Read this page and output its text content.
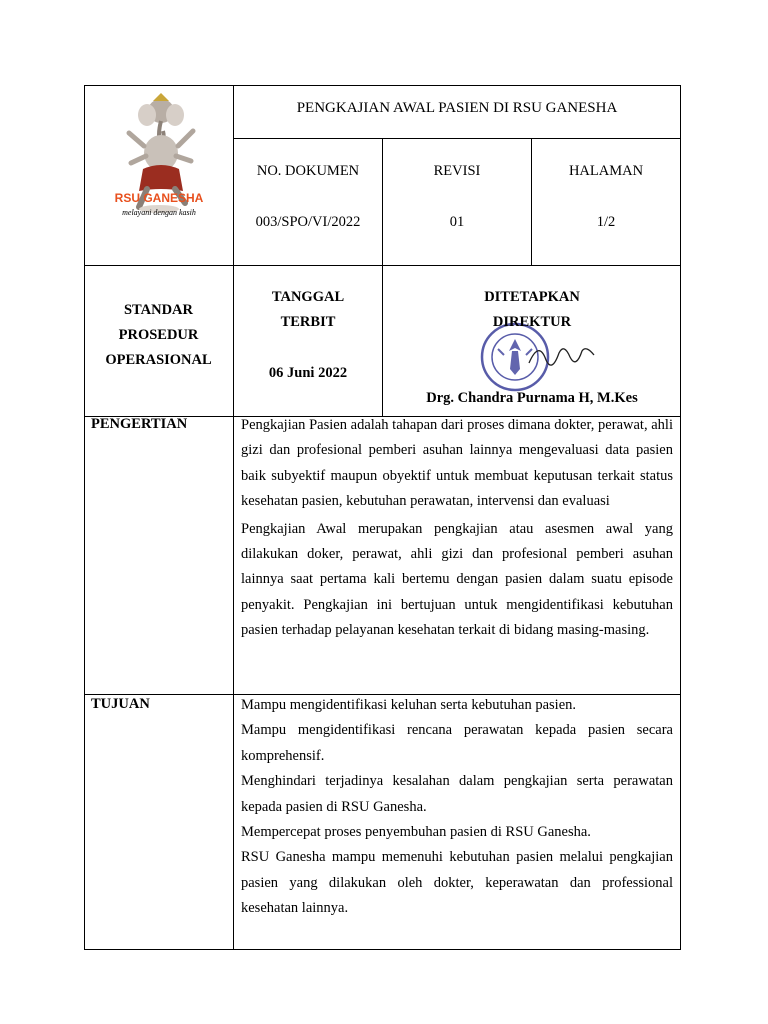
RSU GANESHA
melayani dengan kasih
PENGKAJIAN AWAL PASIEN DI RSU GANESHA
NO. DOKUMEN
003/SPO/VI/2022
REVISI
01
HALAMAN
1/2
STANDAR
PROSEDUR
OPERASIONAL
TANGGAL
TERBIT
06 Juni 2022
DITETAPKAN
DIREKTUR
Drg. Chandra Purnama H, M.Kes
PENGERTIAN	Pengkajian Pasien adalah tahapan dari proses dimana dokter, perawat, ahli gizi dan profesional pemberi asuhan lainnya mengevaluasi data pasien baik subyektif maupun obyektif untuk membuat keputusan terkait status kesehatan pasien, kebutuhan perawatan, intervensi dan evaluasi

Pengkajian Awal merupakan pengkajian atau asesmen awal yang dilakukan doker, perawat, ahli gizi dan profesional pemberi asuhan lainnya saat pertama kali bertemu dengan pasien dalam suatu episode penyakit. Pengkajian ini bertujuan untuk mengidentifikasi kebutuhan pasien terhadap pelayanan kesehatan terkait di bidang masing-masing.

TUJUAN	Mampu mengidentifikasi keluhan serta kebutuhan pasien.

Mampu mengidentifikasi rencana perawatan kepada pasien secara komprehensif.

Menghindari terjadinya kesalahan dalam pengkajian serta perawatan kepada pasien di RSU Ganesha.

Mempercepat proses penyembuhan pasien di RSU Ganesha.

RSU Ganesha mampu memenuhi kebutuhan pasien melalui pengkajian pasien yang dilakukan oleh dokter, keperawatan dan professional kesehatan lainnya.
